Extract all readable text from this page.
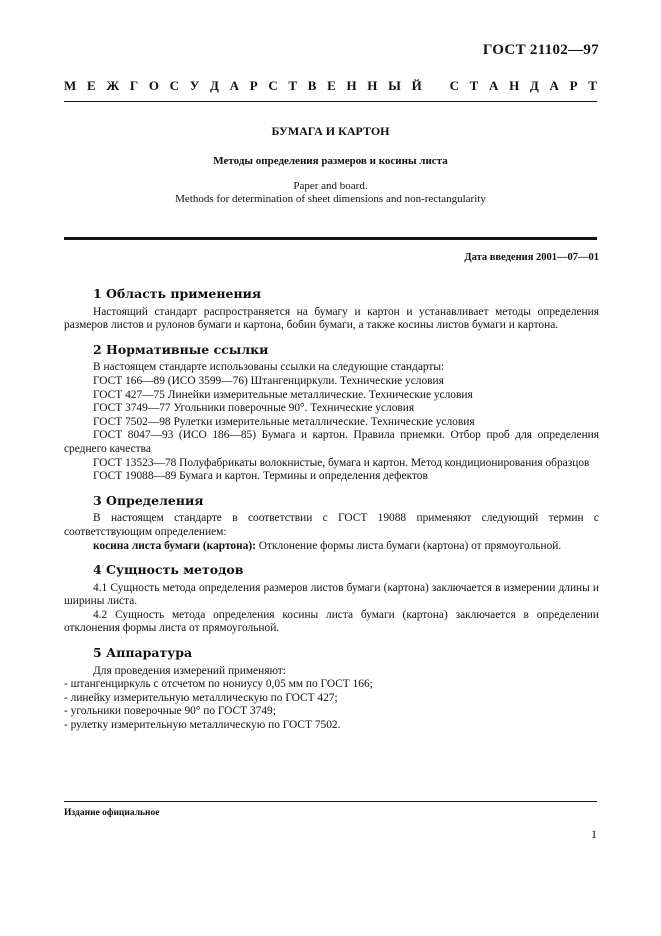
ГОСТ 21102—97
М Е Ж Г О С У Д А Р С Т В Е Н Н Ы Й
С Т А Н Д А Р Т
БУМАГА И КАРТОН
Методы определения размеров и косины листа
Paper and board.
Methods for determination of sheet dimensions and non-rectangularity
Дата введения 2001—07—01
1 Область применения

Настоящий стандарт распространяется на бумагу и картон и устанавливает методы определения размеров листов и рулонов бумаги и картона, бобин бумаги, а также косины листов бумаги и картона.

2 Нормативные ссылки

В настоящем стандарте использованы ссылки на следующие стандарты:

ГОСТ 166—89 (ИСО 3599—76) Штангенциркули. Технические условия

ГОСТ 427—75 Линейки измерительные металлические. Технические условия

ГОСТ 3749—77 Угольники поверочные 90°. Технические условия

ГОСТ 7502—98 Рулетки измерительные металлические. Технические условия

ГОСТ 8047—93 (ИСО 186—85) Бумага и картон. Правила приемки. Отбор проб для определения среднего качества

ГОСТ 13523—78 Полуфабрикаты волокнистые, бумага и картон. Метод кондиционирования образцов

ГОСТ 19088—89 Бумага и картон. Термины и определения дефектов

3 Определения

В настоящем стандарте в соответствии с ГОСТ 19088 применяют следующий термин с соответствующим определением:

косина листа бумаги (картона): Отклонение формы листа бумаги (картона) от прямоугольной.

4 Сущность методов

4.1 Сущность метода определения размеров листов бумаги (картона) заключается в измерении длины и ширины листа.

4.2 Сущность метода определения косины листа бумаги (картона) заключается в определении отклонения формы листа от прямоугольной.

5 Аппаратура

Для проведения измерений применяют:

- штангенциркуль с отсчетом по нониусу 0,05 мм по ГОСТ 166;

- линейку измерительную металлическую по ГОСТ 427;

- угольники поверочные 90° по ГОСТ 3749;

- рулетку измерительную металлическую по ГОСТ 7502.

Издание официальное
1
